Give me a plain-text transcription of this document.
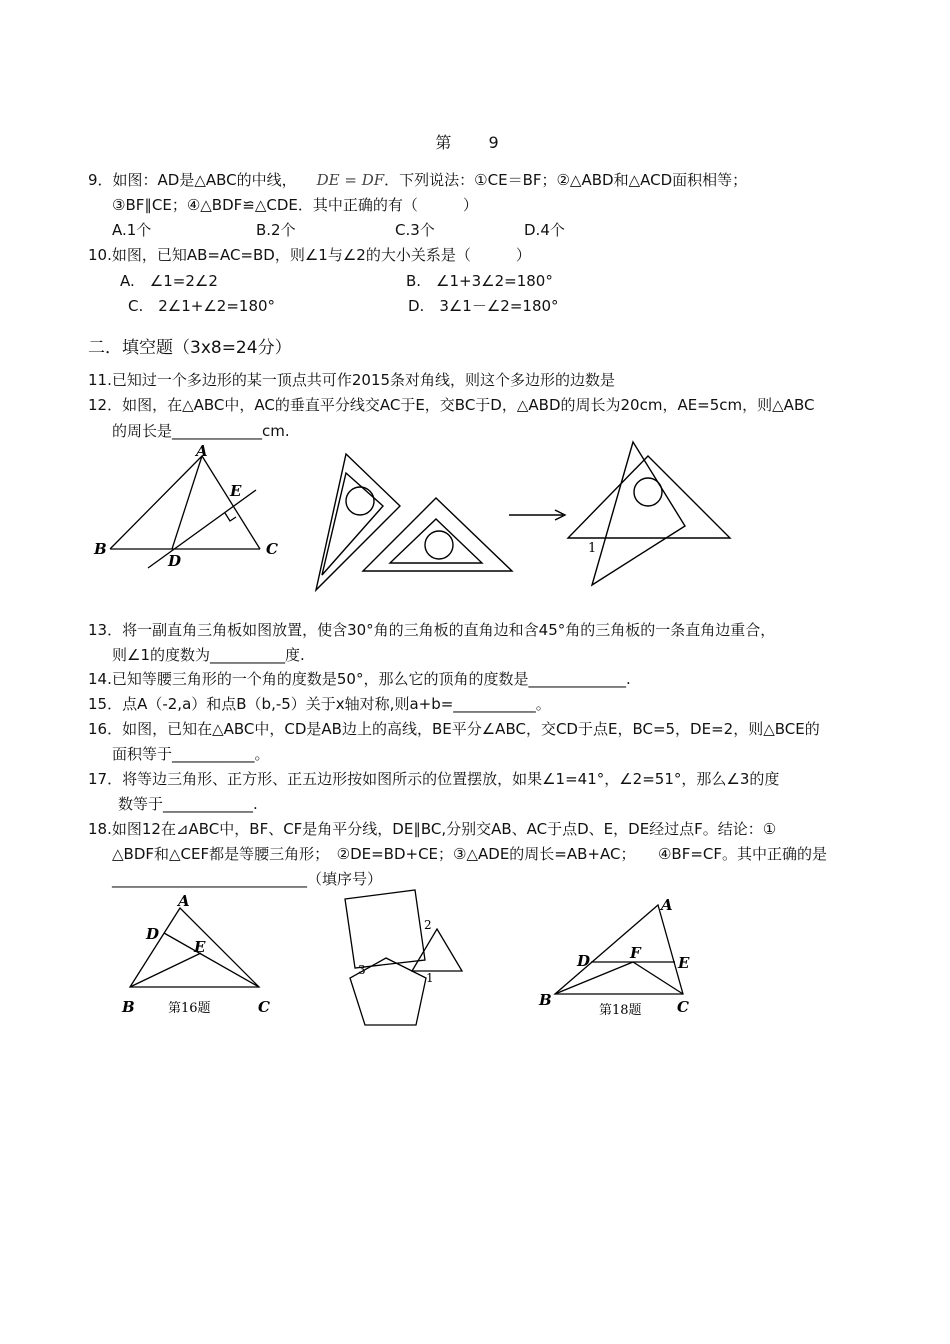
第 9
9．如图：AD是△ABC的中线， DE = DF．下列说法：①CE＝BF；②△ABD和△ACD面积相等；
③BF∥CE；④△BDF≌△CDE．其中正确的有（　　　）
A.1个	B.2个	C.3个	D.4个
10.如图，已知AB=AC=BD，则∠1与∠2的大小关系是（　　　）
A.　∠1=2∠2	B.　∠1+3∠2=180°
C.　2∠1+∠2=180°	D.　3∠1－∠2=180°
二．填空题（3x8=24分）
11.已知过一个多边形的某一顶点共可作2015条对角线，则这个多边形的边数是
12．如图，在△ABC中，AC的垂直平分线交AC于E，交BC于D，△ABD的周长为20cm，AE=5cm，则△ABC
的周长是____________cm.
A
B	C
D
E
1
13．将一副直角三角板如图放置，使含30°角的三角板的直角边和含45°角的三角板的一条直角边重合，
则∠1的度数为__________度.
14.已知等腰三角形的一个角的度数是50°，那么它的顶角的度数是_____________.
15．点A（-2,a）和点B（b,-5）关于x轴对称,则a+b=___________。
16．如图，已知在△ABC中，CD是AB边上的高线，BE平分∠ABC，交CD于点E，BC=5，DE=2，则△BCE的
面积等于___________。
17．将等边三角形、正方形、正五边形按如图所示的位置摆放，如果∠1=41°，∠2=51°，那么∠3的度
数等于____________.
18.如图12在⊿ABC中，BF、CF是角平分线，DE∥BC,分别交AB、AC于点D、E，DE经过点F。结论：①
△BDF和△CEF都是等腰三角形；　②DE=BD+CE；③△ADE的周长=AB+AC；　　④BF=CF。其中正确的是
__________________________（填序号）
A
D
E
B	C
第16题
2
1
3
A
D	F
E
B	C
第18题
